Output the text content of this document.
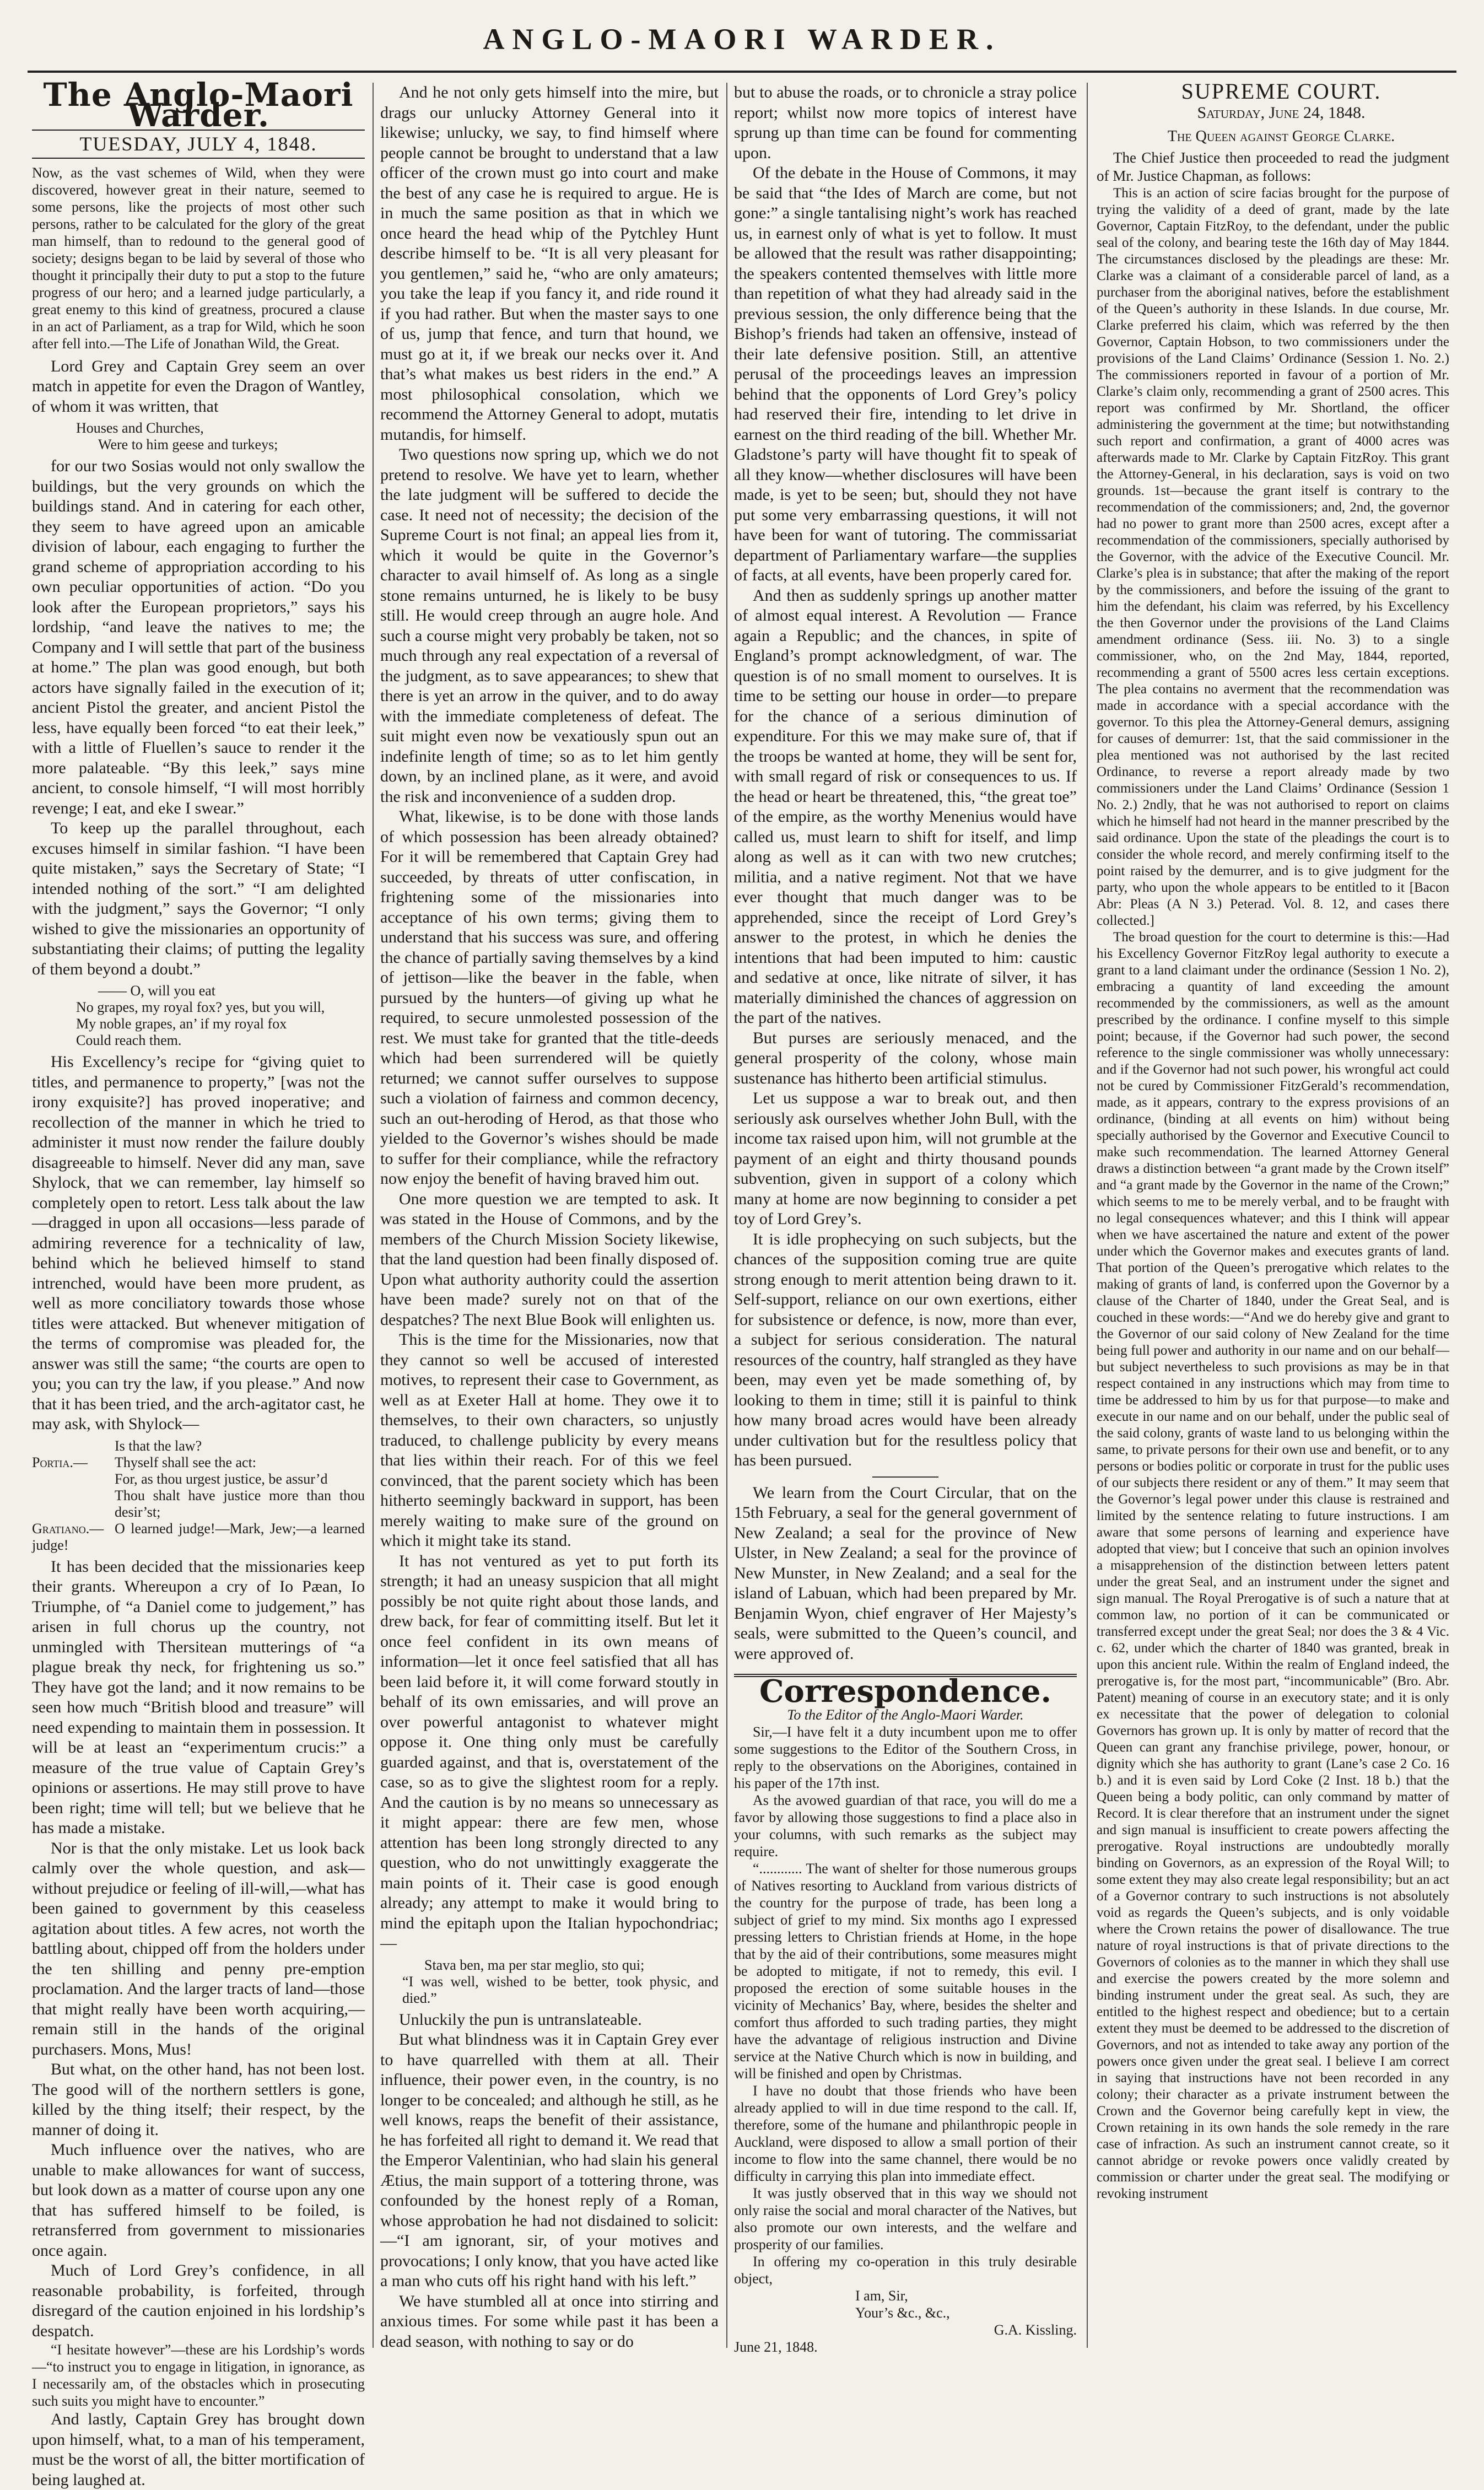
ANGLO-MAORI WARDER.
The Anglo-Maori Warder.
TUESDAY, JULY 4, 1848.

Now, as the vast schemes of Wild, when they were discovered, however great in their nature, seemed to some persons, like the projects of most other such persons, rather to be calculated for the glory of the great man himself, than to redound to the general good of society; designs began to be laid by several of those who thought it principally their duty to put a stop to the future progress of our hero; and a learned judge particularly, a great enemy to this kind of greatness, procured a clause in an act of Parliament, as a trap for Wild, which he soon after fell into.—The Life of Jonathan Wild, the Great.

Lord Grey and Captain Grey seem an over match in appetite for even the Dragon of Wantley, of whom it was written, that

Houses and Churches,
Were to him geese and turkeys;

for our two Sosias would not only swallow the buildings, but the very grounds on which the buildings stand. And in catering for each other, they seem to have agreed upon an amicable division of labour, each engaging to further the grand scheme of appropriation according to his own peculiar opportunities of action. “Do you look after the European proprietors,” says his lordship, “and leave the natives to me; the Company and I will settle that part of the business at home.” The plan was good enough, but both actors have signally failed in the execution of it; ancient Pistol the greater, and ancient Pistol the less, have equally been forced “to eat their leek,” with a little of Fluellen’s sauce to render it the more palateable. “By this leek,” says mine ancient, to console himself, “I will most horribly revenge; I eat, and eke I swear.”

To keep up the parallel throughout, each excuses himself in similar fashion. “I have been quite mistaken,” says the Secretary of State; “I intended nothing of the sort.” “I am delighted with the judgment,” says the Governor; “I only wished to give the missionaries an opportunity of substantiating their claims; of putting the legality of them beyond a doubt.”

—— O, will you eat
No grapes, my royal fox? yes, but you will,
My noble grapes, an’ if my royal fox
Could reach them.

His Excellency’s recipe for “giving quiet to titles, and permanence to property,” [was not the irony exquisite?] has proved inoperative; and recollection of the manner in which he tried to administer it must now render the failure doubly disagreeable to himself. Never did any man, save Shylock, that we can remember, lay himself so completely open to retort. Less talk about the law—dragged in upon all occasions—less parade of admiring reverence for a technicality of law, behind which he believed himself to stand intrenched, would have been more prudent, as well as more conciliatory towards those whose titles were attacked. But whenever mitigation of the terms of compromise was pleaded for, the answer was still the same; “the courts are open to you; you can try the law, if you please.” And now that it has been tried, and the arch-agitator cast, he may ask, with Shylock—

Is that the law?
Portia.— Thyself shall see the act:
For, as thou urgest justice, be assur’d
Thou shalt have justice more than thou desir’st;
Gratiano.— O learned judge!—Mark, Jew;—a learned judge!

It has been decided that the missionaries keep their grants. Whereupon a cry of Io Pæan, Io Triumphe, of “a Daniel come to judgement,” has arisen in full chorus up the country, not unmingled with Thersitean mutterings of “a plague break thy neck, for frightening us so.” They have got the land; and it now remains to be seen how much “British blood and treasure” will need expending to maintain them in possession. It will be at least an “experimentum crucis:” a measure of the true value of Captain Grey’s opinions or assertions. He may still prove to have been right; time will tell; but we believe that he has made a mistake.

Nor is that the only mistake. Let us look back calmly over the whole question, and ask—without prejudice or feeling of ill-will,—what has been gained to government by this ceaseless agitation about titles. A few acres, not worth the battling about, chipped off from the holders under the ten shilling and penny pre-emption proclamation. And the larger tracts of land—those that might really have been worth acquiring,—remain still in the hands of the original purchasers. Mons, Mus!

But what, on the other hand, has not been lost. The good will of the northern settlers is gone, killed by the thing itself; their respect, by the manner of doing it.

Much influence over the natives, who are unable to make allowances for want of success, but look down as a matter of course upon any one that has suffered himself to be foiled, is retransferred from government to missionaries once again.

Much of Lord Grey’s confidence, in all reasonable probability, is forfeited, through disregard of the caution enjoined in his lordship’s despatch.

“I hesitate however”—these are his Lordship’s words—“to instruct you to engage in litigation, in ignorance, as I necessarily am, of the obstacles which in prosecuting such suits you might have to encounter.”

And lastly, Captain Grey has brought down upon himself, what, to a man of his temperament, must be the worst of all, the bitter mortification of being laughed at.

And he not only gets himself into the mire, but drags our unlucky Attorney General into it likewise; unlucky, we say, to find himself where people cannot be brought to understand that a law officer of the crown must go into court and make the best of any case he is required to argue. He is in much the same position as that in which we once heard the head whip of the Pytchley Hunt describe himself to be. “It is all very pleasant for you gentlemen,” said he, “who are only amateurs; you take the leap if you fancy it, and ride round it if you had rather. But when the master says to one of us, jump that fence, and turn that hound, we must go at it, if we break our necks over it. And that’s what makes us best riders in the end.” A most philosophical consolation, which we recommend the Attorney General to adopt, mutatis mutandis, for himself.

Two questions now spring up, which we do not pretend to resolve. We have yet to learn, whether the late judgment will be suffered to decide the case. It need not of necessity; the decision of the Supreme Court is not final; an appeal lies from it, which it would be quite in the Governor’s character to avail himself of. As long as a single stone remains unturned, he is likely to be busy still. He would creep through an augre hole. And such a course might very probably be taken, not so much through any real expectation of a reversal of the judgment, as to save appearances; to shew that there is yet an arrow in the quiver, and to do away with the immediate completeness of defeat. The suit might even now be vexatiously spun out an indefinite length of time; so as to let him gently down, by an inclined plane, as it were, and avoid the risk and inconvenience of a sudden drop.

What, likewise, is to be done with those lands of which possession has been already obtained? For it will be remembered that Captain Grey had succeeded, by threats of utter confiscation, in frightening some of the missionaries into acceptance of his own terms; giving them to understand that his success was sure, and offering the chance of partially saving themselves by a kind of jettison—like the beaver in the fable, when pursued by the hunters—of giving up what he required, to secure unmolested possession of the rest. We must take for granted that the title-deeds which had been surrendered will be quietly returned; we cannot suffer ourselves to suppose such a violation of fairness and common decency, such an out-heroding of Herod, as that those who yielded to the Governor’s wishes should be made to suffer for their compliance, while the refractory now enjoy the benefit of having braved him out.

One more question we are tempted to ask. It was stated in the House of Commons, and by the members of the Church Mission Society likewise, that the land question had been finally disposed of. Upon what authority authority could the assertion have been made? surely not on that of the despatches? The next Blue Book will enlighten us.

This is the time for the Missionaries, now that they cannot so well be accused of interested motives, to represent their case to Government, as well as at Exeter Hall at home. They owe it to themselves, to their own characters, so unjustly traduced, to challenge publicity by every means that lies within their reach. For of this we feel convinced, that the parent society which has been hitherto seemingly backward in support, has been merely waiting to make sure of the ground on which it might take its stand.

It has not ventured as yet to put forth its strength; it had an uneasy suspicion that all might possibly be not quite right about those lands, and drew back, for fear of committing itself. But let it once feel confident in its own means of information—let it once feel satisfied that all has been laid before it, it will come forward stoutly in behalf of its own emissaries, and will prove an over powerful antagonist to whatever might oppose it. One thing only must be carefully guarded against, and that is, overstatement of the case, so as to give the slightest room for a reply. And the caution is by no means so unnecessary as it might appear: there are few men, whose attention has been long strongly directed to any question, who do not unwittingly exaggerate the main points of it. Their case is good enough already; any attempt to make it would bring to mind the epitaph upon the Italian hypochondriac;—

Stava ben, ma per star meglio, sto qui;
“I was well, wished to be better, took physic, and died.”

Unluckily the pun is untranslateable.

But what blindness was it in Captain Grey ever to have quarrelled with them at all. Their influence, their power even, in the country, is no longer to be concealed; and although he still, as he well knows, reaps the benefit of their assistance, he has forfeited all right to demand it. We read that the Emperor Valentinian, who had slain his general Ætius, the main support of a tottering throne, was confounded by the honest reply of a Roman, whose approbation he had not disdained to solicit:—“I am ignorant, sir, of your motives and provocations; I only know, that you have acted like a man who cuts off his right hand with his left.”

We have stumbled all at once into stirring and anxious times. For some while past it has been a dead season, with nothing to say or do

but to abuse the roads, or to chronicle a stray police report; whilst now more topics of interest have sprung up than time can be found for commenting upon.

Of the debate in the House of Commons, it may be said that “the Ides of March are come, but not gone:” a single tantalising night’s work has reached us, in earnest only of what is yet to follow. It must be allowed that the result was rather disappointing; the speakers contented themselves with little more than repetition of what they had already said in the previous session, the only difference being that the Bishop’s friends had taken an offensive, instead of their late defensive position. Still, an attentive perusal of the proceedings leaves an impression behind that the opponents of Lord Grey’s policy had reserved their fire, intending to let drive in earnest on the third reading of the bill. Whether Mr. Gladstone’s party will have thought fit to speak of all they know—whether disclosures will have been made, is yet to be seen; but, should they not have put some very embarrassing questions, it will not have been for want of tutoring. The commissariat department of Parliamentary warfare—the supplies of facts, at all events, have been properly cared for.

And then as suddenly springs up another matter of almost equal interest. A Revolution — France again a Republic; and the chances, in spite of England’s prompt acknowledgment, of war. The question is of no small moment to ourselves. It is time to be setting our house in order—to prepare for the chance of a serious diminution of expenditure. For this we may make sure of, that if the troops be wanted at home, they will be sent for, with small regard of risk or consequences to us. If the head or heart be threatened, this, “the great toe” of the empire, as the worthy Menenius would have called us, must learn to shift for itself, and limp along as well as it can with two new crutches; militia, and a native regiment. Not that we have ever thought that much danger was to be apprehended, since the receipt of Lord Grey’s answer to the protest, in which he denies the intentions that had been imputed to him: caustic and sedative at once, like nitrate of silver, it has materially diminished the chances of aggression on the part of the natives.

But purses are seriously menaced, and the general prosperity of the colony, whose main sustenance has hitherto been artificial stimulus.

Let us suppose a war to break out, and then seriously ask ourselves whether John Bull, with the income tax raised upon him, will not grumble at the payment of an eight and thirty thousand pounds subvention, given in support of a colony which many at home are now beginning to consider a pet toy of Lord Grey’s.

It is idle prophecying on such subjects, but the chances of the supposition coming true are quite strong enough to merit attention being drawn to it. Self-support, reliance on our own exertions, either for subsistence or defence, is now, more than ever, a subject for serious consideration. The natural resources of the country, half strangled as they have been, may even yet be made something of, by looking to them in time; still it is painful to think how many broad acres would have been already under cultivation but for the resultless policy that has been pursued.

We learn from the Court Circular, that on the 15th February, a seal for the general government of New Zealand; a seal for the province of New Ulster, in New Zealand; a seal for the province of New Munster, in New Zealand; and a seal for the island of Labuan, which had been prepared by Mr. Benjamin Wyon, chief engraver of Her Majesty’s seals, were submitted to the Queen’s council, and were approved of.

Correspondence.

To the Editor of the Anglo-Maori Warder.

Sir,—I have felt it a duty incumbent upon me to offer some suggestions to the Editor of the Southern Cross, in reply to the observations on the Aborigines, contained in his paper of the 17th inst.

As the avowed guardian of that race, you will do me a favor by allowing those suggestions to find a place also in your columns, with such remarks as the subject may require.

“............ The want of shelter for those numerous groups of Natives resorting to Auckland from various districts of the country for the purpose of trade, has been long a subject of grief to my mind. Six months ago I expressed pressing letters to Christian friends at Home, in the hope that by the aid of their contributions, some measures might be adopted to mitigate, if not to remedy, this evil. I proposed the erection of some suitable houses in the vicinity of Mechanics’ Bay, where, besides the shelter and comfort thus afforded to such trading parties, they might have the advantage of religious instruction and Divine service at the Native Church which is now in building, and will be finished and open by Christmas.

I have no doubt that those friends who have been already applied to will in due time respond to the call. If, therefore, some of the humane and philanthropic people in Auckland, were disposed to allow a small portion of their income to flow into the same channel, there would be no difficulty in carrying this plan into immediate effect.

It was justly observed that in this way we should not only raise the social and moral character of the Natives, but also promote our own interests, and the welfare and prosperity of our families.

In offering my co-operation in this truly desirable object,

I am, Sir,
Your’s &c., &c.,
G.A. Kissling.
June 21, 1848.

SUPREME COURT.

Saturday, June 24, 1848.

The Queen against George Clarke.

The Chief Justice then proceeded to read the judgment of Mr. Justice Chapman, as follows:

This is an action of scire facias brought for the purpose of trying the validity of a deed of grant, made by the late Governor, Captain FitzRoy, to the defendant, under the public seal of the colony, and bearing teste the 16th day of May 1844. The circumstances disclosed by the pleadings are these: Mr. Clarke was a claimant of a considerable parcel of land, as a purchaser from the aboriginal natives, before the establishment of the Queen’s authority in these Islands. In due course, Mr. Clarke preferred his claim, which was referred by the then Governor, Captain Hobson, to two commissioners under the provisions of the Land Claims’ Ordinance (Session 1. No. 2.) The commissioners reported in favour of a portion of Mr. Clarke’s claim only, recommending a grant of 2500 acres. This report was confirmed by Mr. Shortland, the officer administering the government at the time; but notwithstanding such report and confirmation, a grant of 4000 acres was afterwards made to Mr. Clarke by Captain FitzRoy. This grant the Attorney-General, in his declaration, says is void on two grounds. 1st—because the grant itself is contrary to the recommendation of the commissioners; and, 2nd, the governor had no power to grant more than 2500 acres, except after a recommendation of the commissioners, specially authorised by the Governor, with the advice of the Executive Council. Mr. Clarke’s plea is in substance; that after the making of the report by the commissioners, and before the issuing of the grant to him the defendant, his claim was referred, by his Excellency the then Governor under the provisions of the Land Claims amendment ordinance (Sess. iii. No. 3) to a single commissioner, who, on the 2nd May, 1844, reported, recommending a grant of 5500 acres less certain exceptions. The plea contains no averment that the recommendation was made in accordance with a special accordance with the governor. To this plea the Attorney-General demurs, assigning for causes of demurrer: 1st, that the said commissioner in the plea mentioned was not authorised by the last recited Ordinance, to reverse a report already made by two commissioners under the Land Claims’ Ordinance (Session 1 No. 2.) 2ndly, that he was not authorised to report on claims which he himself had not heard in the manner prescribed by the said ordinance. Upon the state of the pleadings the court is to consider the whole record, and merely confirming itself to the point raised by the demurrer, and is to give judgment for the party, who upon the whole appears to be entitled to it [Bacon Abr: Pleas (A N 3.) Peterad. Vol. 8. 12, and cases there collected.]

The broad question for the court to determine is this:—Had his Excellency Governor FitzRoy legal authority to execute a grant to a land claimant under the ordinance (Session 1 No. 2), embracing a quantity of land exceeding the amount recommended by the commissioners, as well as the amount prescribed by the ordinance. I confine myself to this simple point; because, if the Governor had such power, the second reference to the single commissioner was wholly unnecessary: and if the Governor had not such power, his wrongful act could not be cured by Commissioner FitzGerald’s recommendation, made, as it appears, contrary to the express provisions of an ordinance, (binding at all events on him) without being specially authorised by the Governor and Executive Council to make such recommendation. The learned Attorney General draws a distinction between “a grant made by the Crown itself” and “a grant made by the Governor in the name of the Crown;” which seems to me to be merely verbal, and to be fraught with no legal consequences whatever; and this I think will appear when we have ascertained the nature and extent of the power under which the Governor makes and executes grants of land. That portion of the Queen’s prerogative which relates to the making of grants of land, is conferred upon the Governor by a clause of the Charter of 1840, under the Great Seal, and is couched in these words:—“And we do hereby give and grant to the Governor of our said colony of New Zealand for the time being full power and authority in our name and on our behalf—but subject nevertheless to such provisions as may be in that respect contained in any instructions which may from time to time be addressed to him by us for that purpose—to make and execute in our name and on our behalf, under the public seal of the said colony, grants of waste land to us belonging within the same, to private persons for their own use and benefit, or to any persons or bodies politic or corporate in trust for the public uses of our subjects there resident or any of them.” It may seem that the Governor’s legal power under this clause is restrained and limited by the sentence relating to future instructions. I am aware that some persons of learning and experience have adopted that view; but I conceive that such an opinion involves a misapprehension of the distinction between letters patent under the great Seal, and an instrument under the signet and sign manual. The Royal Prerogative is of such a nature that at common law, no portion of it can be communicated or transferred except under the great Seal; nor does the 3 & 4 Vic. c. 62, under which the charter of 1840 was granted, break in upon this ancient rule. Within the realm of England indeed, the prerogative is, for the most part, “incommunicable” (Bro. Abr. Patent) meaning of course in an executory state; and it is only ex necessitate that the power of delegation to colonial Governors has grown up. It is only by matter of record that the Queen can grant any franchise privilege, power, honour, or dignity which she has authority to grant (Lane’s case 2 Co. 16 b.) and it is even said by Lord Coke (2 Inst. 18 b.) that the Queen being a body politic, can only command by matter of Record. It is clear therefore that an instrument under the signet and sign manual is insufficient to create powers affecting the prerogative. Royal instructions are undoubtedly morally binding on Governors, as an expression of the Royal Will; to some extent they may also create legal responsibility; but an act of a Governor contrary to such instructions is not absolutely void as regards the Queen’s subjects, and is only voidable where the Crown retains the power of disallowance. The true nature of royal instructions is that of private directions to the Governors of colonies as to the manner in which they shall use and exercise the powers created by the more solemn and binding instrument under the great seal. As such, they are entitled to the highest respect and obedience; but to a certain extent they must be deemed to be addressed to the discretion of Governors, and not as intended to take away any portion of the powers once given under the great seal. I believe I am correct in saying that instructions have not been recorded in any colony; their character as a private instrument between the Crown and the Governor being carefully kept in view, the Crown retaining in its own hands the sole remedy in the rare case of infraction. As such an instrument cannot create, so it cannot abridge or revoke powers once validly created by commission or charter under the great seal. The modifying or revoking instrument
